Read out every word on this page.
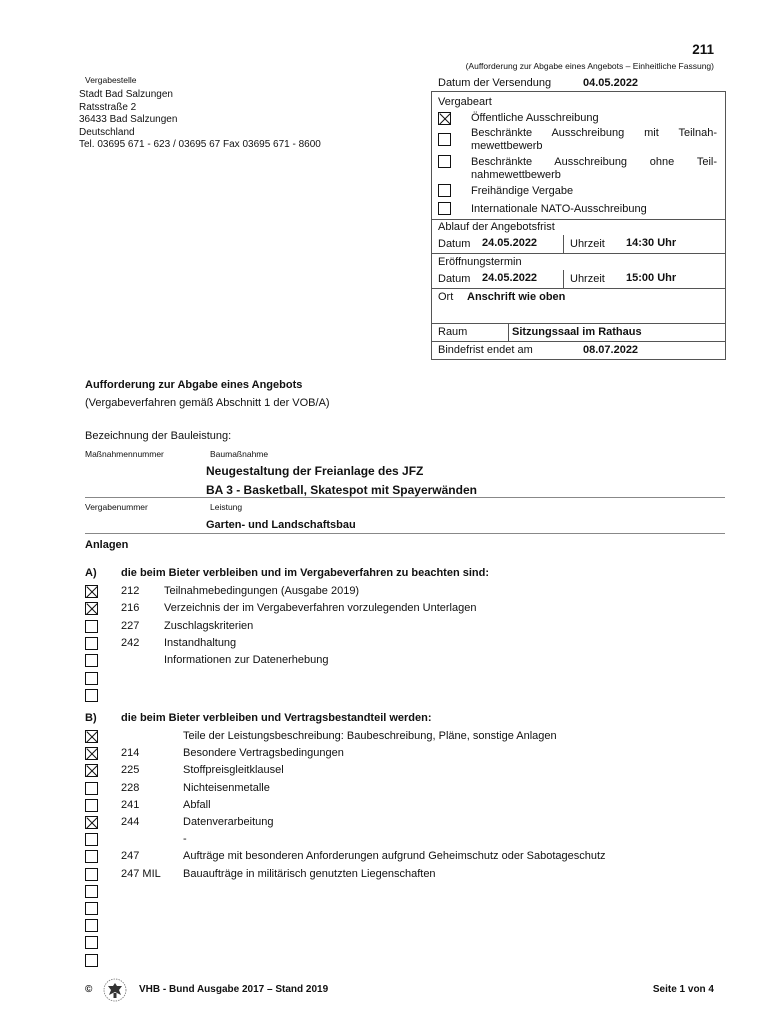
211
(Aufforderung zur Abgabe eines Angebots – Einheitliche Fassung)
Vergabestelle
Stadt Bad Salzungen
Ratsstraße 2
36433 Bad Salzungen
Deutschland
Tel. 03695 671 - 623 / 03695 67 Fax 03695 671 - 8600
Datum der Versendung	04.05.2022
Vergabeart
Öffentliche Ausschreibung
Beschränkte Ausschreibung mit Teilnah-
mewettbewerb
Beschränkte Ausschreibung ohne Teil-
nahmewettbewerb
Freihändige Vergabe
Internationale NATO-Ausschreibung
Ablauf der Angebotsfrist
Datum 24.05.2022	Uhrzeit 14:30 Uhr
Eröffnungstermin
Datum 24.05.2022	Uhrzeit 15:00 Uhr
Ort Anschrift wie oben
Raum	Sitzungssaal im Rathaus
Bindefrist endet am	08.07.2022
Aufforderung zur Abgabe eines Angebots
(Vergabeverfahren gemäß Abschnitt 1 der VOB/A)
Bezeichnung der Bauleistung:
Maßnahmennummer	Baumaßnahme
Neugestaltung der Freianlage des JFZ
BA 3 - Basketball, Skatespot mit Spayerwänden
Vergabenummer	Leistung
Garten- und Landschaftsbau
Anlagen
A) die beim Bieter verbleiben und im Vergabeverfahren zu beachten sind:
212 Teilnahmebedingungen (Ausgabe 2019)
216 Verzeichnis der im Vergabeverfahren vorzulegenden Unterlagen
227 Zuschlagskriterien
242 Instandhaltung
Informationen zur Datenerhebung
B) die beim Bieter verbleiben und Vertragsbestandteil werden:
Teile der Leistungsbeschreibung: Baubeschreibung, Pläne, sonstige Anlagen
214	Besondere Vertragsbedingungen
225	Stoffpreisgleitklausel
228	Nichteisenmetalle
241	Abfall
244	Datenverarbeitung
-
247	Aufträge mit besonderen Anforderungen aufgrund Geheimschutz oder Sabotageschutz
247 MIL Bauaufträge in militärisch genutzten Liegenschaften
©	VHB - Bund Ausgabe 2017 – Stand 2019	Seite 1 von 4
